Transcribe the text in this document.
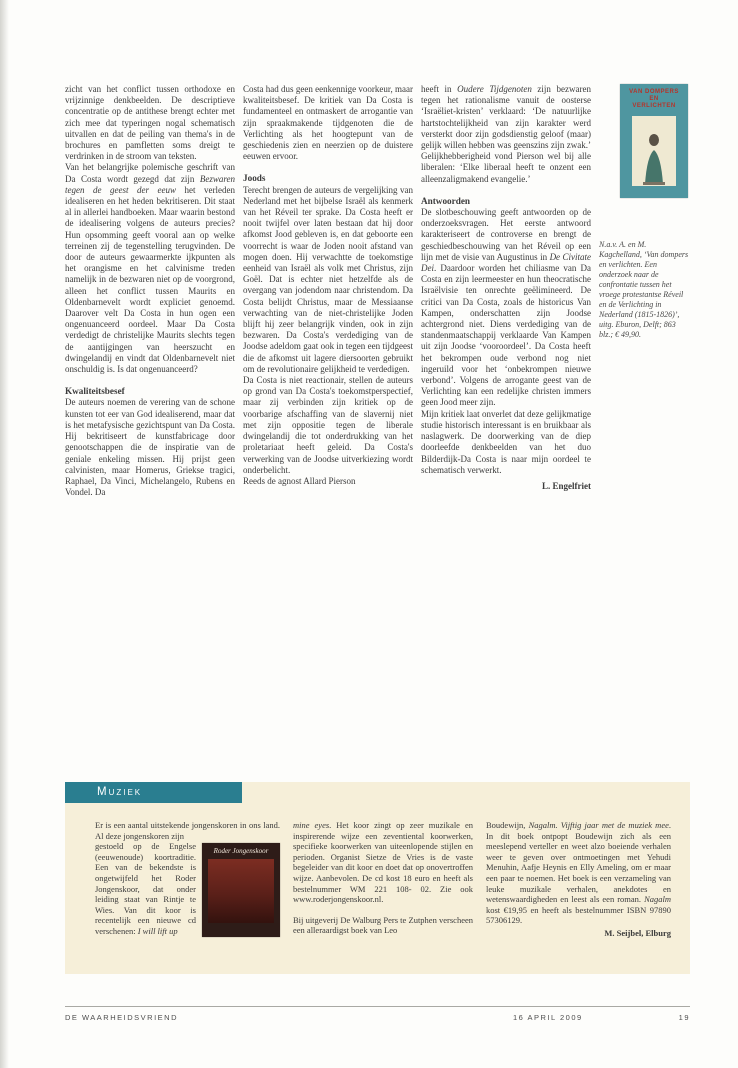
zicht van het conflict tussen orthodoxe en vrijzinnige denkbeelden. De descriptieve concentratie op de antithese brengt echter met zich mee dat typeringen nogal schematisch uitvallen en dat de peiling van thema's in de brochures en pamfletten soms dreigt te verdrinken in de stroom van teksten.

Van het belangrijke polemische geschrift van Da Costa wordt gezegd dat zijn Bezwaren tegen de geest der eeuw het verleden idealiseren en het heden bekritiseren. Dit staat al in allerlei handboeken. Maar waarin bestond de idealisering volgens de auteurs precies? Hun opsomming geeft vooral aan op welke terreinen zij de tegenstelling terugvinden. De door de auteurs gewaarmerkte ijkpunten als het orangisme en het calvinisme treden namelijk in de bezwaren niet op de voorgrond, alleen het conflict tussen Maurits en Oldenbarnevelt wordt expliciet genoemd. Daarover velt Da Costa in hun ogen een ongenuanceerd oordeel. Maar Da Costa verdedigt de christelijke Maurits slechts tegen de aantijgingen van heerszucht en dwingelandij en vindt dat Oldenbarnevelt niet onschuldig is. Is dat ongenuanceerd?

Kwaliteitsbesef

De auteurs noemen de verering van de schone kunsten tot eer van God idealiserend, maar dat is het metafysische gezichtspunt van Da Costa. Hij bekritiseert de kunstfabricage door genootschappen die de inspiratie van de geniale enkeling missen. Hij prijst geen calvinisten, maar Homerus, Griekse tragici, Raphael, Da Vinci, Michelangelo, Rubens en Vondel. Da

Costa had dus geen eenkennige voorkeur, maar kwaliteitsbesef. De kritiek van Da Costa is fundamenteel en ontmaskert de arrogantie van zijn spraakmakende tijdgenoten die de Verlichting als het hoogtepunt van de geschiedenis zien en neerzien op de duistere eeuwen ervoor.

Joods

Terecht brengen de auteurs de vergelijking van Nederland met het bijbelse Israël als kenmerk van het Réveil ter sprake. Da Costa heeft er nooit twijfel over laten bestaan dat hij door afkomst Jood gebleven is, en dat geboorte een voorrecht is waar de Joden nooit afstand van mogen doen. Hij verwachtte de toekomstige eenheid van Israël als volk met Christus, zijn Goël. Dat is echter niet hetzelfde als de overgang van jodendom naar christendom. Da Costa belijdt Christus, maar de Messiaanse verwachting van de niet-christelijke Joden blijft hij zeer belangrijk vinden, ook in zijn bezwaren. Da Costa's verdediging van de Joodse adeldom gaat ook in tegen een tijdgeest die de afkomst uit lagere diersoorten gebruikt om de revolutionaire gelijkheid te verdedigen.

Da Costa is niet reactionair, stellen de auteurs op grond van Da Costa's toekomstperspectief, maar zij verbinden zijn kritiek op de voorbarige afschaffing van de slavernij niet met zijn oppositie tegen de liberale dwingelandij die tot onderdrukking van het proletariaat heeft geleid. Da Costa's verwerking van de Joodse uitverkiezing wordt onderbelicht.

Reeds de agnost Allard Pierson

heeft in Oudere Tijdgenoten zijn bezwaren tegen het rationalisme vanuit de oosterse ‘Israëliet-kristen’ verklaard: ‘De natuurlijke hartstochtelijkheid van zijn karakter werd versterkt door zijn godsdienstig geloof (maar) gelijk willen hebben was geenszins zijn zwak.’ Gelijkhebberigheid vond Pierson wel bij alle liberalen: ‘Elke liberaal heeft te onzent een alleenzaligmakend evangelie.’

Antwoorden

De slotbeschouwing geeft antwoorden op de onderzoeksvragen. Het eerste antwoord karakteriseert de controverse en brengt de geschiedbeschouwing van het Réveil op een lijn met de visie van Augustinus in De Civitate Dei. Daardoor worden het chiliasme van Da Costa en zijn leermeester en hun theocratische Israëlvisie ten onrechte geëlimineerd. De critici van Da Costa, zoals de historicus Van Kampen, onderschatten zijn Joodse achtergrond niet. Diens verdediging van de standenmaatschappij verklaarde Van Kampen uit zijn Joodse ‘vooroordeel’. Da Costa heeft het bekrompen oude verbond nog niet ingeruild voor het ‘onbekrompen nieuwe verbond’. Volgens de arrogante geest van de Verlichting kan een redelijke christen immers geen Jood meer zijn.

Mijn kritiek laat onverlet dat deze gelijkmatige studie historisch interessant is en bruikbaar als naslagwerk. De doorwerking van de diep doorleefde denkbeelden van het duo Bilderdijk-Da Costa is naar mijn oordeel te schematisch verwerkt.

L. Engelfriet

VAN DOMPERS EN VERLICHTEN
N.a.v. A. en M. Kagchelland, ‘Van dompers en verlichten. Een onderzoek naar de confrontatie tussen het vroege protestantse Réveil en de Verlichting in Nederland (1815-1826)’, uitg. Eburon, Delft; 863 blz.; € 49,90.
Muziek

Er is een aantal uitstekende jongenskoren in ons land. Al deze jongenskoren zijn

Roder Jongenskoor

gestoeld op de Engelse (eeuwenoude) koortraditie. Een van de bekendste is ongetwijfeld het Roder Jongenskoor, dat onder leiding staat van Rintje te Wies. Van dit koor is recentelijk een nieuwe cd verschenen: I will lift up

mine eyes. Het koor zingt op zeer muzikale en inspirerende wijze een zeventiental koorwerken, specifieke koorwerken van uiteenlopende stijlen en perioden. Organist Sietze de Vries is de vaste begeleider van dit koor en doet dat op onovertroffen wijze. Aanbevolen. De cd kost 18 euro en heeft als bestelnummer WM 221 108- 02. Zie ook www.roderjongenskoor.nl.

Bij uitgeverij De Walburg Pers te Zutphen verscheen een alleraardigst boek van Leo

Boudewijn, Nagalm. Vijftig jaar met de muziek mee. In dit boek ontpopt Boudewijn zich als een meeslepend verteller en weet alzo boeiende verhalen weer te geven over ontmoetingen met Yehudi Menuhin, Aafje Heynis en Elly Ameling, om er maar een paar te noemen. Het boek is een verzameling van leuke muzikale verhalen, anekdotes en wetenswaardigheden en leest als een roman. Nagalm kost €19,95 en heeft als bestelnummer ISBN 97890 57306129.

M. Seijbel, Elburg

DE WAARHEIDSVRIEND	16 APRIL 2009	19
